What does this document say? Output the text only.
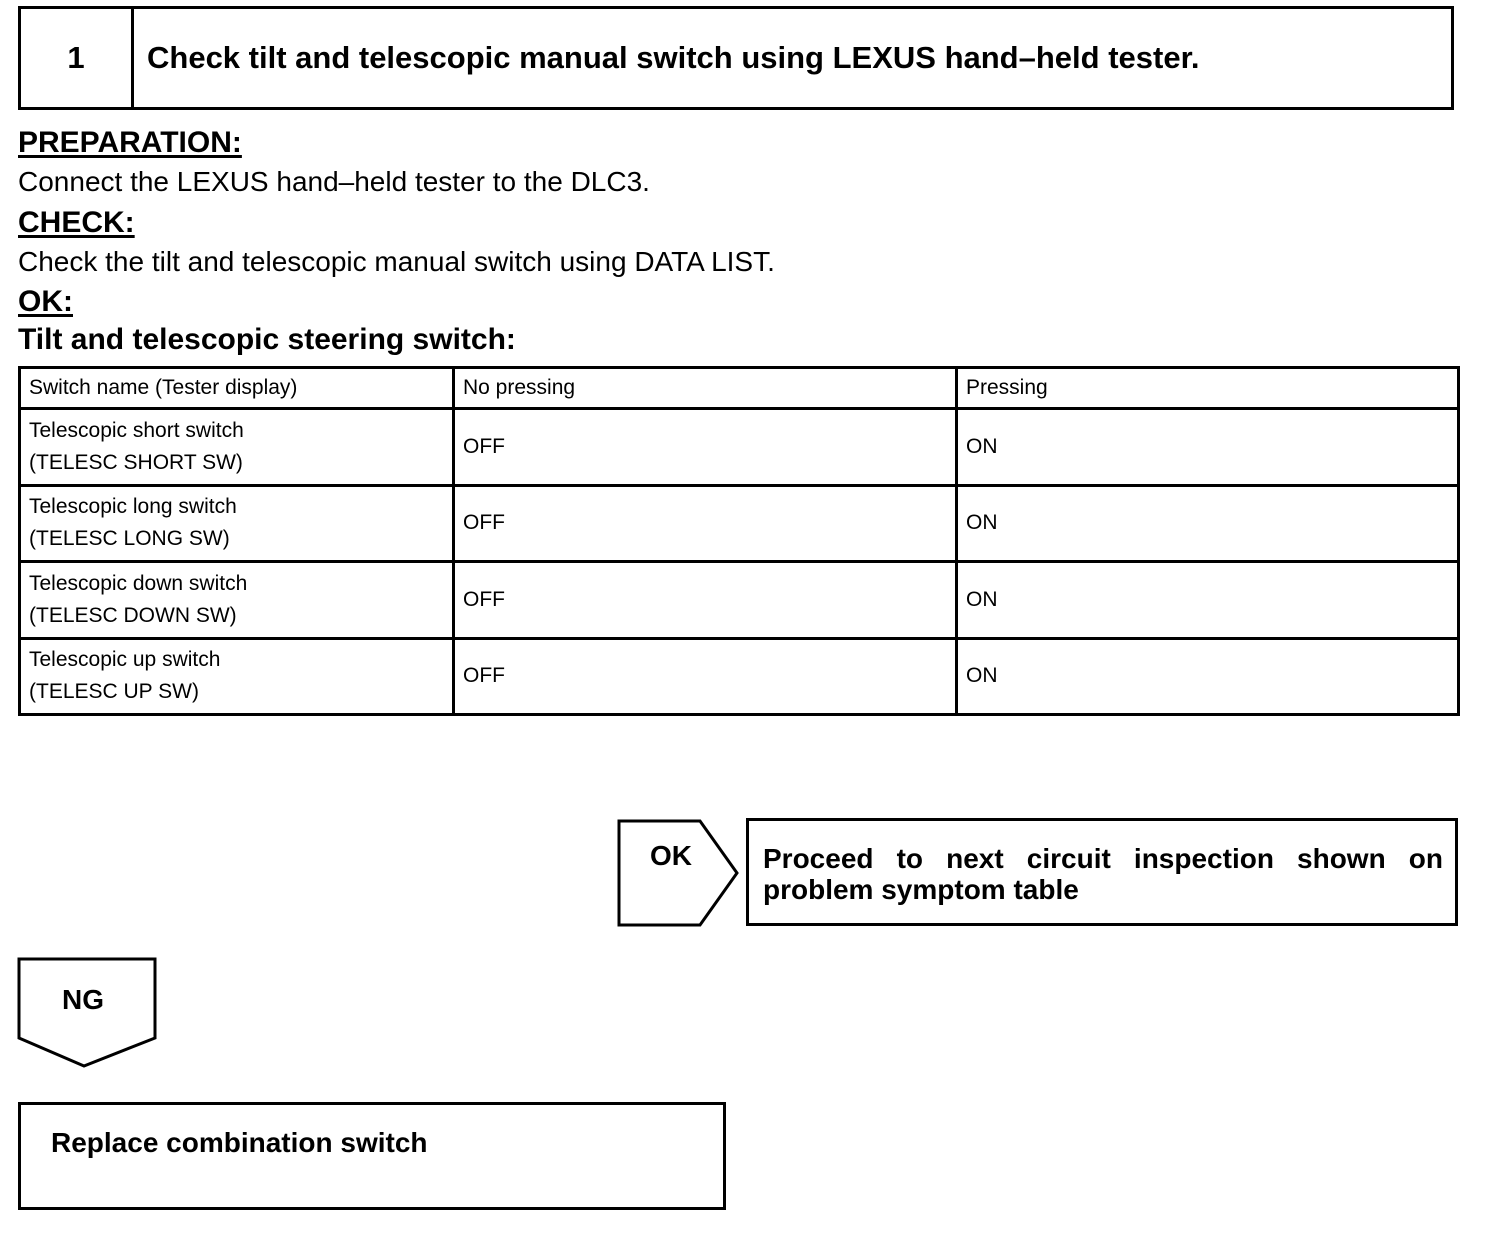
1	Check tilt and telescopic manual switch using LEXUS hand–held tester.
PREPARATION:
Connect the LEXUS hand–held tester to the DLC3.
CHECK:
Check the tilt and telescopic manual switch using DATA LIST.
OK:
Tilt and telescopic steering switch:
Switch name (Tester display)	No pressing	Pressing
Telescopic short switch
(TELESC SHORT SW)	OFF	ON
Telescopic long switch
(TELESC LONG SW)	OFF	ON
Telescopic down switch
(TELESC DOWN SW)	OFF	ON
Telescopic up switch
(TELESC UP SW)	OFF	ON
OK	Proceed to next circuit inspection shown on problem symptom table
NG
Replace combination switch
